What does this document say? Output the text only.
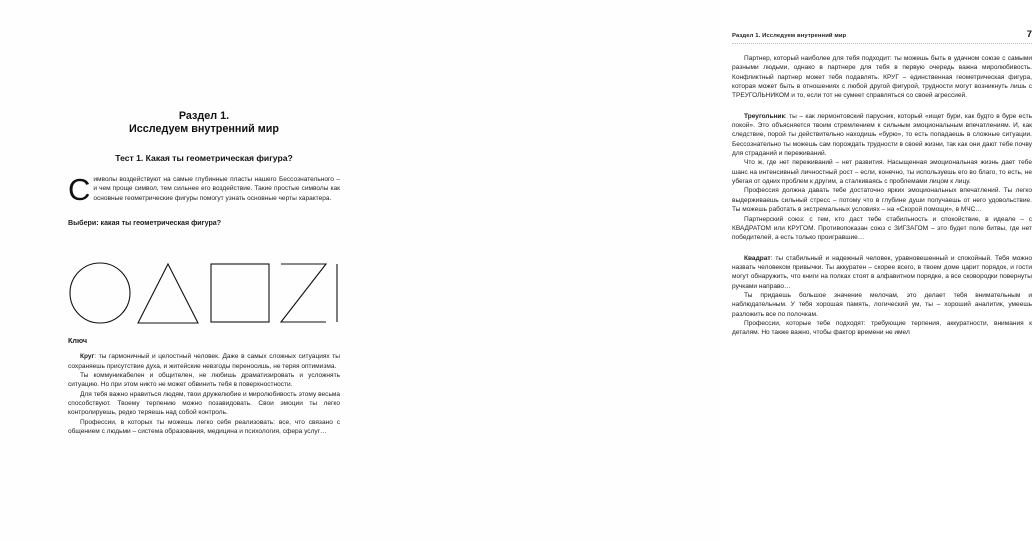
Раздел 1.
Исследуем внутренний мир
Тест 1. Какая ты геометрическая фигура?

Символы воздействуют на самые глубинные пласты нашего Бессознательного – и чем проще символ, тем сильнее его воздействие. Такие простые символы как основные геометрические фигуры помогут узнать основные черты характера.

Выбери: какая ты геометрическая фигура?

Ключ

Круг: ты гармоничный и целостный человек. Даже в самых сложных ситуациях ты сохраняешь присутствие духа, и житейские невзгоды переносишь, не теряя оптимизма.

Ты коммуникабелен и общителен, не любишь драматизировать и усложнять ситуацию. Но при этом никто не может обвинить тебя в поверхностности.

Для тебя важно нравиться людям, твои дружелюбие и миролюбивость этому весьма способствуют. Твоему терпению можно позавидовать. Свои эмоции ты легко контролируешь, редко теряешь над собой контроль.

Профессии, в которых ты можешь легко себя реализовать: все, что связано с общением с людьми – система образования, медицина и психология, сфера услуг…

Раздел 1. Исследуем внутренний мир	7

Партнер, который наиболее для тебя подходит: ты можешь быть в удачном союзе с самыми разными людьми, однако в партнере для тебя в первую очередь важна миролюбивость. Конфликтный партнер может тебя подавлять. КРУГ – единственная геометрическая фигура, которая может быть в отношениях с любой другой фигурой, трудности могут возникнуть лишь с ТРЕУГОЛЬНИКОМ и то, если тот не сумеет справляться со своей агрессией.

Треугольник: ты – как лермонтовский парусник, который «ищет бури, как будто в буре есть покой». Это объясняется твоим стремлением к сильным эмоциональным впечатлениям. И, как следствие, порой ты действительно находишь «бурю», то есть попадаешь в сложные ситуации. Бессознательно ты можешь сам порождать трудности в своей жизни, так как они дают тебе почву для страданий и переживаний.

Что ж, где нет переживаний – нет развития. Насыщенная эмоциональная жизнь дает тебе шанс на интенсивный личностный рост – если, конечно, ты используешь его во благо, то есть, не убегая от одних проблем к другим, а сталкиваясь с проблемами лицом к лицу.

Профессия должна давать тебе достаточно ярких эмоциональных впечатлений. Ты легко выдерживаешь сильный стресс – потому что в глубине души получаешь от него удовольствие. Ты можешь работать в экстремальных условиях – на «Скорой помощи», в МЧС…

Партнерский союз: с тем, кто даст тебе стабильность и спокойствие, в идеале – с КВАДРАТОМ или КРУГОМ. Противопоказан союз с ЗИГЗАГОМ – это будет поле битвы, где нет победителей, а есть только проигравшие…

Квадрат: ты стабильный и надежный человек, уравновешенный и спокойный. Тебя можно назвать человеком привычки. Ты аккуратен – скорее всего, в твоем доме царит порядок, и гости могут обнаружить, что книги на полках стоят в алфавитном порядке, а все сковородки повернуты ручками направо…

Ты придаешь большое значение мелочам, это делает тебя внимательным и наблюдательным. У тебя хорошая память, логический ум, ты – хороший аналитик, умеешь разложить все по полочкам.

Профессии, которые тебе подходят: требующие терпения, аккуратности, внимания к деталям. Но также важно, чтобы фактор времени не имел
